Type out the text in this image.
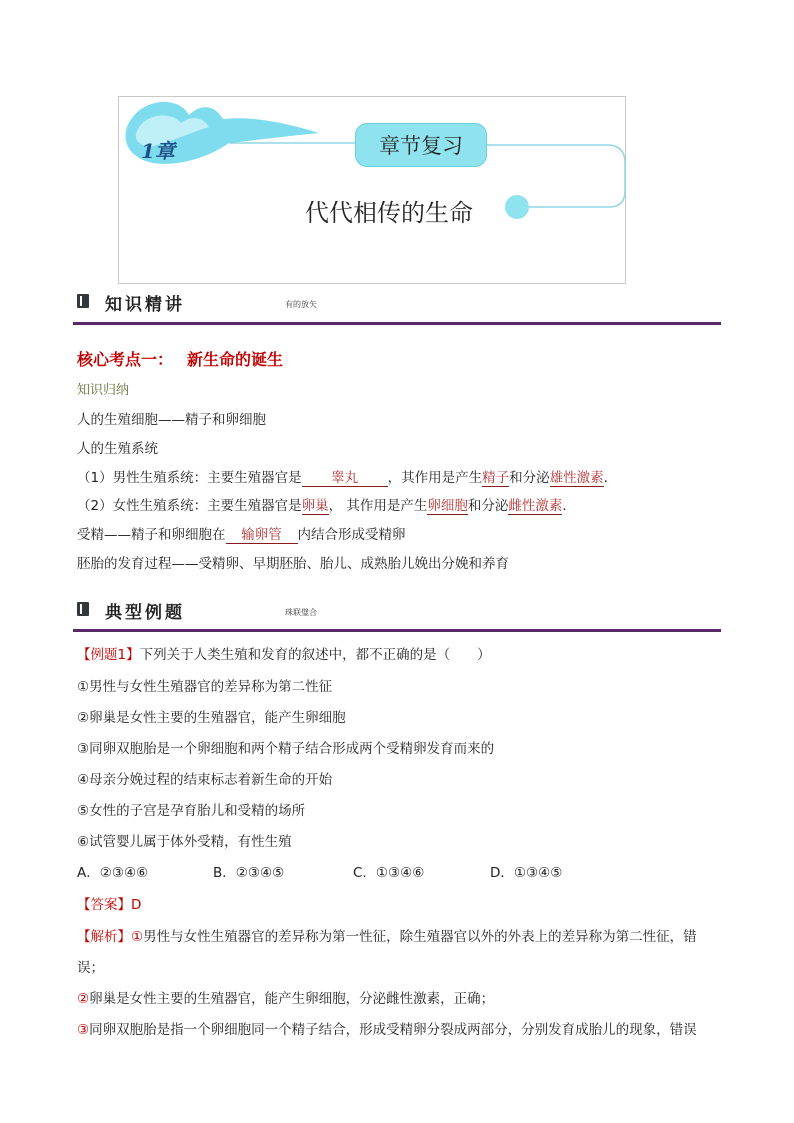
1章	章节复习
代代相传的生命
知识精讲	有的放矢
核心考点一： 新生命的诞生
知识归纳
人的生殖细胞——精子和卵细胞
人的生殖系统
（1）男性生殖系统：主要生殖器官是 睾丸 ，其作用是产生精子和分泌雄性激素.
（2）女性生殖系统：主要生殖器官是卵巢， 其作用是产生卵细胞和分泌雌性激素.
受精——精子和卵细胞在 输卵管 内结合形成受精卵
胚胎的发育过程——受精卵、早期胚胎、胎儿、成熟胎儿娩出分娩和养育
典型例题	珠联璧合
【例题1】下列关于人类生殖和发育的叙述中，都不正确的是（　　）
①男性与女性生殖器官的差异称为第二性征
②卵巢是女性主要的生殖器官，能产生卵细胞
③同卵双胞胎是一个卵细胞和两个精子结合形成两个受精卵发育而来的
④母亲分娩过程的结束标志着新生命的开始
⑤女性的子宫是孕育胎儿和受精的场所
⑥试管婴儿属于体外受精，有性生殖
A．②③④⑥	B．②③④⑤	C．①③④⑥	D．①③④⑤
【答案】D
【解析】①男性与女性生殖器官的差异称为第一性征，除生殖器官以外的外表上的差异称为第二性征，错
误；
②卵巢是女性主要的生殖器官，能产生卵细胞，分泌雌性激素，正确；
③同卵双胞胎是指一个卵细胞同一个精子结合，形成受精卵分裂成两部分，分别发育成胎儿的现象，错误
